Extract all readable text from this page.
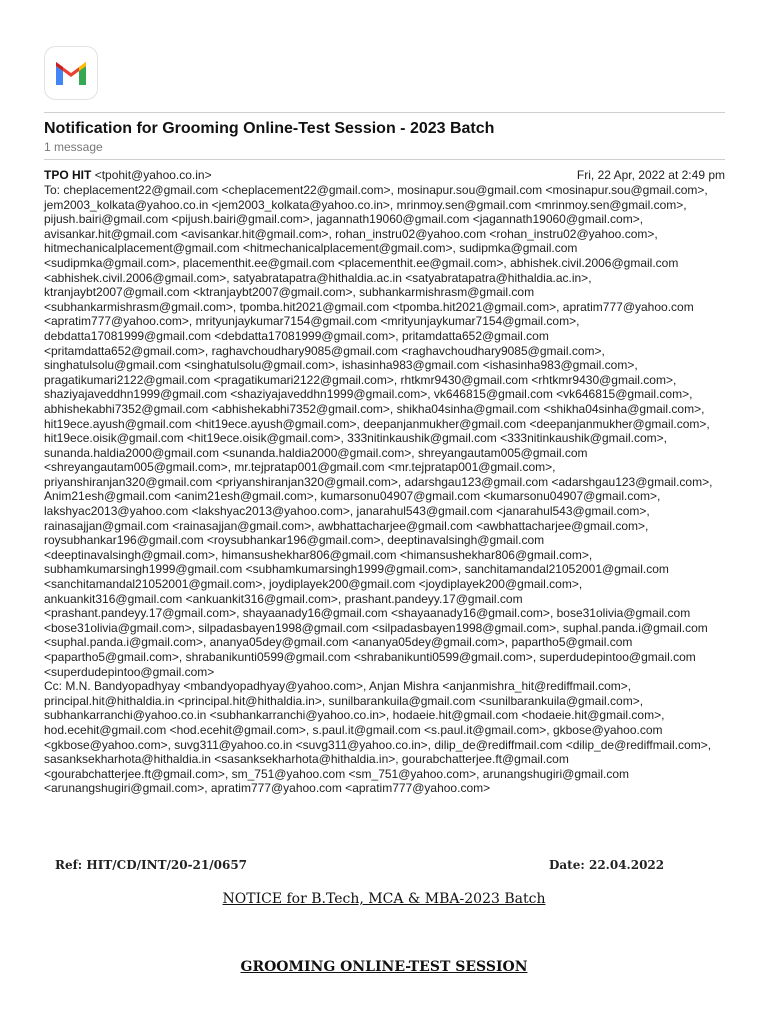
Notification for Grooming Online-Test Session - 2023 Batch
1 message
TPO HIT <tpohit@yahoo.co.in>	Fri, 22 Apr, 2022 at 2:49 pm
To: cheplacement22@gmail.com <cheplacement22@gmail.com>, mosinapur.sou@gmail.com <mosinapur.sou@gmail.com>,
jem2003_kolkata@yahoo.co.in <jem2003_kolkata@yahoo.co.in>, mrinmoy.sen@gmail.com <mrinmoy.sen@gmail.com>,
pijush.bairi@gmail.com <pijush.bairi@gmail.com>, jagannath19060@gmail.com <jagannath19060@gmail.com>,
avisankar.hit@gmail.com <avisankar.hit@gmail.com>, rohan_instru02@yahoo.com <rohan_instru02@yahoo.com>,
hitmechanicalplacement@gmail.com <hitmechanicalplacement@gmail.com>, sudipmka@gmail.com
<sudipmka@gmail.com>, placementhit.ee@gmail.com <placementhit.ee@gmail.com>, abhishek.civil.2006@gmail.com
<abhishek.civil.2006@gmail.com>, satyabratapatra@hithaldia.ac.in <satyabratapatra@hithaldia.ac.in>,
ktranjaybt2007@gmail.com <ktranjaybt2007@gmail.com>, subhankarmishrasm@gmail.com
<subhankarmishrasm@gmail.com>, tpomba.hit2021@gmail.com <tpomba.hit2021@gmail.com>, apratim777@yahoo.com
<apratim777@yahoo.com>, mrityunjaykumar7154@gmail.com <mrityunjaykumar7154@gmail.com>,
debdatta17081999@gmail.com <debdatta17081999@gmail.com>, pritamdatta652@gmail.com
<pritamdatta652@gmail.com>, raghavchoudhary9085@gmail.com <raghavchoudhary9085@gmail.com>,
singhatulsolu@gmail.com <singhatulsolu@gmail.com>, ishasinha983@gmail.com <ishasinha983@gmail.com>,
pragatikumari2122@gmail.com <pragatikumari2122@gmail.com>, rhtkmr9430@gmail.com <rhtkmr9430@gmail.com>,
shaziyajaveddhn1999@gmail.com <shaziyajaveddhn1999@gmail.com>, vk646815@gmail.com <vk646815@gmail.com>,
abhishekabhi7352@gmail.com <abhishekabhi7352@gmail.com>, shikha04sinha@gmail.com <shikha04sinha@gmail.com>,
hit19ece.ayush@gmail.com <hit19ece.ayush@gmail.com>, deepanjanmukher@gmail.com <deepanjanmukher@gmail.com>,
hit19ece.oisik@gmail.com <hit19ece.oisik@gmail.com>, 333nitinkaushik@gmail.com <333nitinkaushik@gmail.com>,
sunanda.haldia2000@gmail.com <sunanda.haldia2000@gmail.com>, shreyangautam005@gmail.com
<shreyangautam005@gmail.com>, mr.tejpratap001@gmail.com <mr.tejpratap001@gmail.com>,
priyanshiranjan320@gmail.com <priyanshiranjan320@gmail.com>, adarshgau123@gmail.com <adarshgau123@gmail.com>,
Anim21esh@gmail.com <anim21esh@gmail.com>, kumarsonu04907@gmail.com <kumarsonu04907@gmail.com>,
lakshyac2013@yahoo.com <lakshyac2013@yahoo.com>, janarahul543@gmail.com <janarahul543@gmail.com>,
rainasajjan@gmail.com <rainasajjan@gmail.com>, awbhattacharjee@gmail.com <awbhattacharjee@gmail.com>,
roysubhankar196@gmail.com <roysubhankar196@gmail.com>, deeptinavalsingh@gmail.com
<deeptinavalsingh@gmail.com>, himansushekhar806@gmail.com <himansushekhar806@gmail.com>,
subhamkumarsingh1999@gmail.com <subhamkumarsingh1999@gmail.com>, sanchitamandal21052001@gmail.com
<sanchitamandal21052001@gmail.com>, joydiplayek200@gmail.com <joydiplayek200@gmail.com>,
ankuankit316@gmail.com <ankuankit316@gmail.com>, prashant.pandeyy.17@gmail.com
<prashant.pandeyy.17@gmail.com>, shayaanady16@gmail.com <shayaanady16@gmail.com>, bose31olivia@gmail.com
<bose31olivia@gmail.com>, silpadasbayen1998@gmail.com <silpadasbayen1998@gmail.com>, suphal.panda.i@gmail.com
<suphal.panda.i@gmail.com>, ananya05dey@gmail.com <ananya05dey@gmail.com>, papartho5@gmail.com
<papartho5@gmail.com>, shrabanikunti0599@gmail.com <shrabanikunti0599@gmail.com>, superdudepintoo@gmail.com
<superdudepintoo@gmail.com>
Cc: M.N. Bandyopadhyay <mbandyopadhyay@yahoo.com>, Anjan Mishra <anjanmishra_hit@rediffmail.com>,
principal.hit@hithaldia.in <principal.hit@hithaldia.in>, sunilbarankuila@gmail.com <sunilbarankuila@gmail.com>,
subhankarranchi@yahoo.co.in <subhankarranchi@yahoo.co.in>, hodaeie.hit@gmail.com <hodaeie.hit@gmail.com>,
hod.ecehit@gmail.com <hod.ecehit@gmail.com>, s.paul.it@gmail.com <s.paul.it@gmail.com>, gkbose@yahoo.com
<gkbose@yahoo.com>, suvg311@yahoo.co.in <suvg311@yahoo.co.in>, dilip_de@rediffmail.com <dilip_de@rediffmail.com>,
sasanksekharhota@hithaldia.in <sasanksekharhota@hithaldia.in>, gourabchatterjee.ft@gmail.com
<gourabchatterjee.ft@gmail.com>, sm_751@yahoo.com <sm_751@yahoo.com>, arunangshugiri@gmail.com
<arunangshugiri@gmail.com>, apratim777@yahoo.com <apratim777@yahoo.com>
Ref: HIT/CD/INT/20-21/0657	Date: 22.04.2022
NOTICE for B.Tech, MCA & MBA-2023 Batch
GROOMING ONLINE-TEST SESSION
